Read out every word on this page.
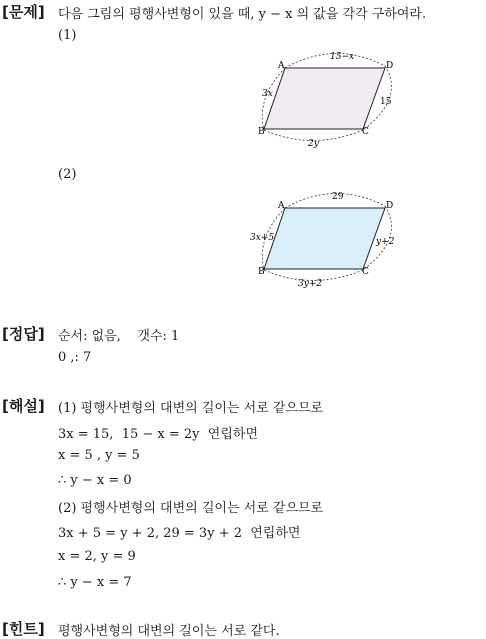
[문제] 다음 그림의 평행사변형이 있을 때, y − x 의 값을 각각 구하여라.
(1)
A	D
B	C
15−x
3x
15
2y
(2)
A	D
B	C
29
3x+5	y+2
3y+2
[정답] 순서: 없음,    갯수: 1
0 ,: 7
[해설] (1) 평행사변형의 대변의 길이는 서로 같으므로
3x = 15,  15 − x = 2y  연립하면
x = 5 , y = 5
∴ y − x = 0
(2) 평행사변형의 대변의 길이는 서로 같으므로
3x + 5 = y + 2, 29 = 3y + 2  연립하면
x = 2, y = 9
∴ y − x = 7
[힌트] 평행사변형의 대변의 길이는 서로 같다.
